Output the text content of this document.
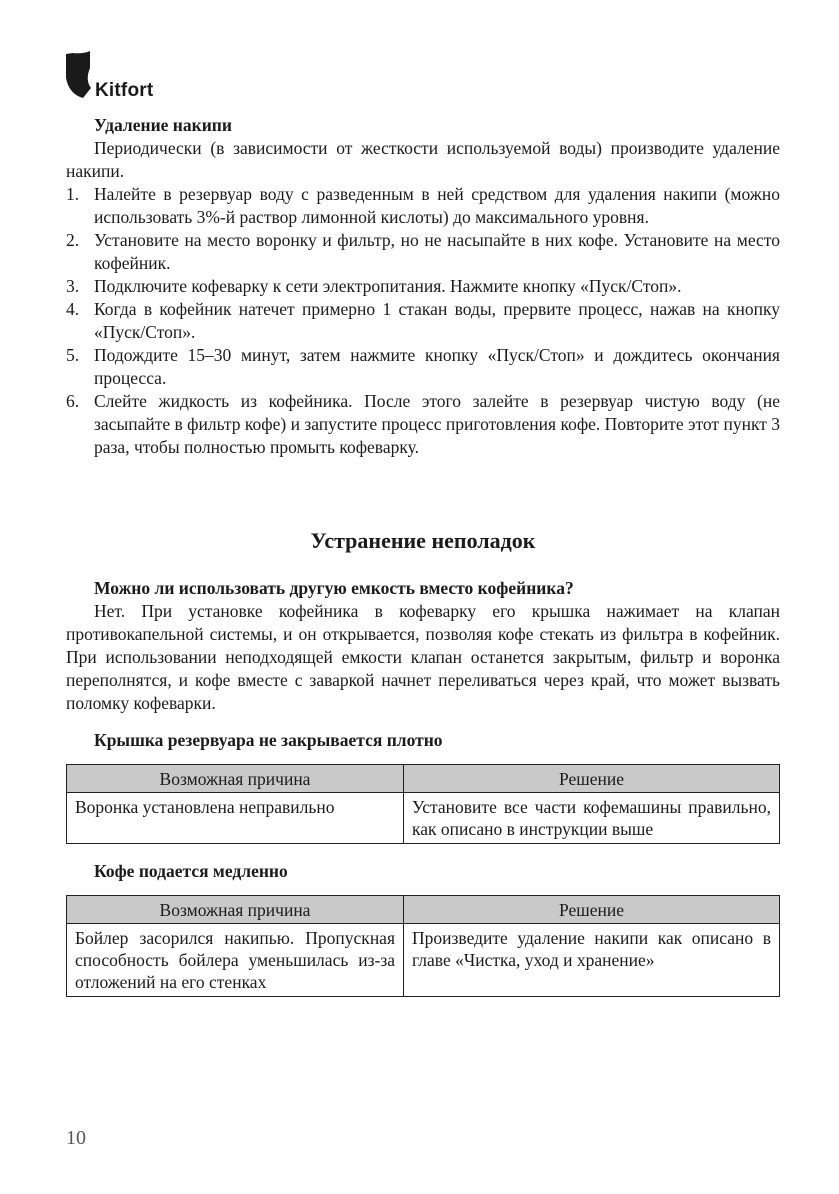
Kitfort

Удаление накипи

Периодически (в зависимости от жесткости используемой воды) производите удаление накипи.

1. Налейте в резервуар воду с разведенным в ней средством для удаления накипи (можно использовать 3%-й раствор лимонной кислоты) до максимального уровня.
2. Установите на место воронку и фильтр, но не насыпайте в них кофе. Установите на место кофейник.
3. Подключите кофеварку к сети электропитания. Нажмите кнопку «Пуск/Стоп».
4. Когда в кофейник натечет примерно 1 стакан воды, прервите процесс, нажав на кнопку «Пуск/Стоп».
5. Подождите 15–30 минут, затем нажмите кнопку «Пуск/Стоп» и дождитесь окончания процесса.
6. Слейте жидкость из кофейника. После этого залейте в резервуар чистую воду (не засыпайте в фильтр кофе) и запустите процесс приготовления кофе. Повторите этот пункт 3 раза, чтобы полностью промыть кофеварку.
Устранение неполадок

Можно ли использовать другую емкость вместо кофейника?

Нет. При установке кофейника в кофеварку его крышка нажимает на клапан противокапельной системы, и он открывается, позволяя кофе стекать из фильтра в кофейник. При использовании неподходящей емкости клапан останется закрытым, фильтр и воронка переполнятся, и кофе вместе с заваркой начнет переливаться через край, что может вызвать поломку кофеварки.

Крышка резервуара не закрывается плотно

Возможная причина	Решение
Воронка установлена неправильно	Установите все части кофемашины правильно, как описано в инструкции выше

Кофе подается медленно

Возможная причина	Решение
Бойлер засорился накипью. Пропускная способность бойлера уменьшилась из-за отложений на его стенках	Произведите удаление накипи как описано в главе «Чистка, уход и хранение»
10
